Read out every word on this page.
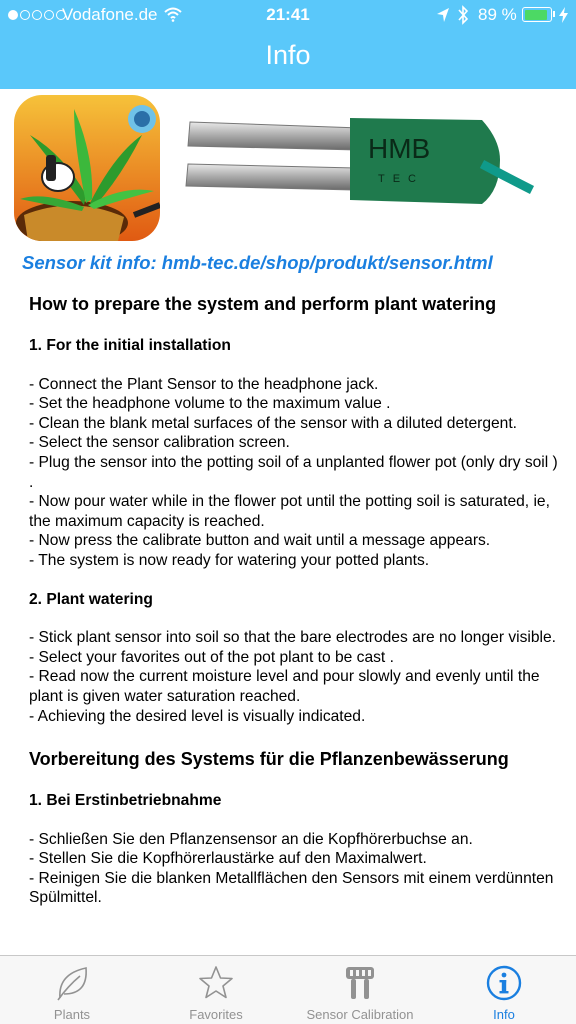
Vodafone.de	21:41	89 %
Info
HMB
TEC
Sensor kit info: hmb-tec.de/shop/produkt/sensor.html
How to prepare the system and perform plant watering
1. For the initial installation
- Connect the Plant Sensor to the headphone jack.
- Set the headphone volume to the maximum value .
- Clean the blank metal surfaces of the sensor with a diluted detergent.
- Select the sensor calibration screen.
- Plug the sensor into the potting soil of a unplanted flower pot (only dry soil ) .
- Now pour water while in the flower pot until the potting soil is saturated, ie, the maximum capacity is reached.
- Now press the calibrate button and wait until a message appears.
- The system is now ready for watering your potted plants.
2. Plant watering
- Stick plant sensor into soil so that the bare electrodes are no longer visible.
- Select your favorites out of the pot plant to be cast .
- Read now the current moisture level and pour slowly and evenly until the plant is given water saturation reached.
- Achieving the desired level is visually indicated.
Vorbereitung des Systems für die Pflanzenbewässerung
1. Bei Erstinbetriebnahme
- Schließen Sie den Pflanzensensor an die Kopfhörerbuchse an.
- Stellen Sie die Kopfhörerlaustärke auf den Maximalwert.
- Reinigen Sie die blanken Metallflächen den Sensors mit einem verdünnten Spülmittel.
Plants	Favorites	Sensor Calibration	Info
